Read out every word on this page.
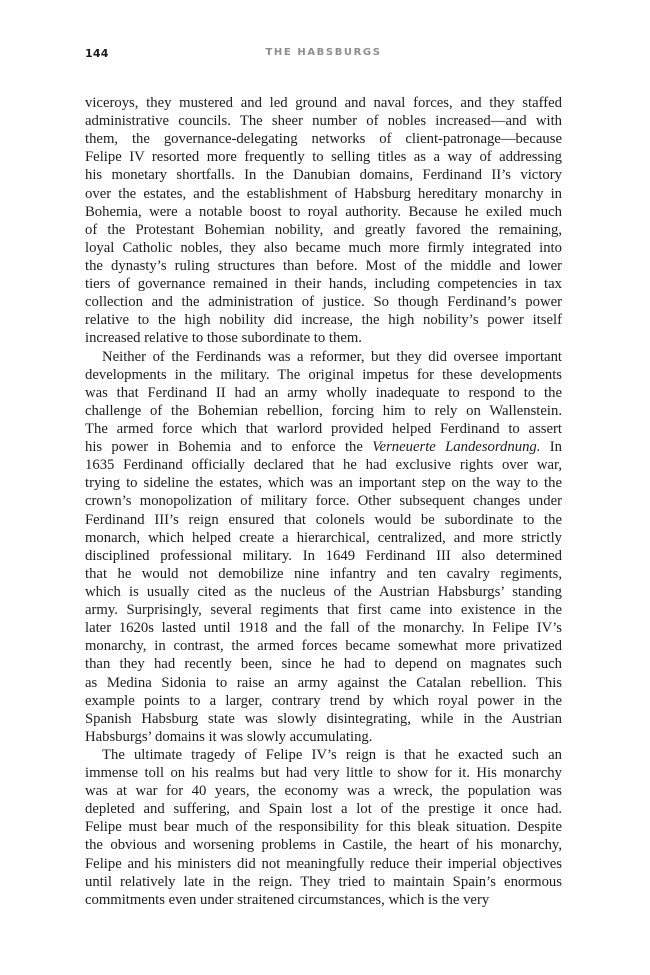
144	THE HABSBURGS
viceroys, they mustered and led ground and naval forces, and they staffed
administrative councils. The sheer number of nobles increased—and with
them, the governance-delegating networks of client-patronage—because
Felipe IV resorted more frequently to selling titles as a way of addressing
his monetary shortfalls. In the Danubian domains, Ferdinand II’s victory
over the estates, and the establishment of Habsburg hereditary monarchy in
Bohemia, were a notable boost to royal authority. Because he exiled much
of the Protestant Bohemian nobility, and greatly favored the remaining,
loyal Catholic nobles, they also became much more firmly integrated into
the dynasty’s ruling structures than before. Most of the middle and lower
tiers of governance remained in their hands, including competencies in tax
collection and the administration of justice. So though Ferdinand’s power
relative to the high nobility did increase, the high nobility’s power itself
increased relative to those subordinate to them.
Neither of the Ferdinands was a reformer, but they did oversee important
developments in the military. The original impetus for these developments
was that Ferdinand II had an army wholly inadequate to respond to the
challenge of the Bohemian rebellion, forcing him to rely on Wallenstein.
The armed force which that warlord provided helped Ferdinand to assert
his power in Bohemia and to enforce the Verneuerte Landesordnung. In
1635 Ferdinand officially declared that he had exclusive rights over war,
trying to sideline the estates, which was an important step on the way to the
crown’s monopolization of military force. Other subsequent changes under
Ferdinand III’s reign ensured that colonels would be subordinate to the
monarch, which helped create a hierarchical, centralized, and more strictly
disciplined professional military. In 1649 Ferdinand III also determined
that he would not demobilize nine infantry and ten cavalry regiments,
which is usually cited as the nucleus of the Austrian Habsburgs’ standing
army. Surprisingly, several regiments that first came into existence in the
later 1620s lasted until 1918 and the fall of the monarchy. In Felipe IV’s
monarchy, in contrast, the armed forces became somewhat more privatized
than they had recently been, since he had to depend on magnates such
as Medina Sidonia to raise an army against the Catalan rebellion. This
example points to a larger, contrary trend by which royal power in the
Spanish Habsburg state was slowly disintegrating, while in the Austrian
Habsburgs’ domains it was slowly accumulating.
The ultimate tragedy of Felipe IV’s reign is that he exacted such an
immense toll on his realms but had very little to show for it. His monarchy
was at war for 40 years, the economy was a wreck, the population was
depleted and suffering, and Spain lost a lot of the prestige it once had.
Felipe must bear much of the responsibility for this bleak situation. Despite
the obvious and worsening problems in Castile, the heart of his monarchy,
Felipe and his ministers did not meaningfully reduce their imperial objectives
until relatively late in the reign. They tried to maintain Spain’s enormous
commitments even under straitened circumstances, which is the very
